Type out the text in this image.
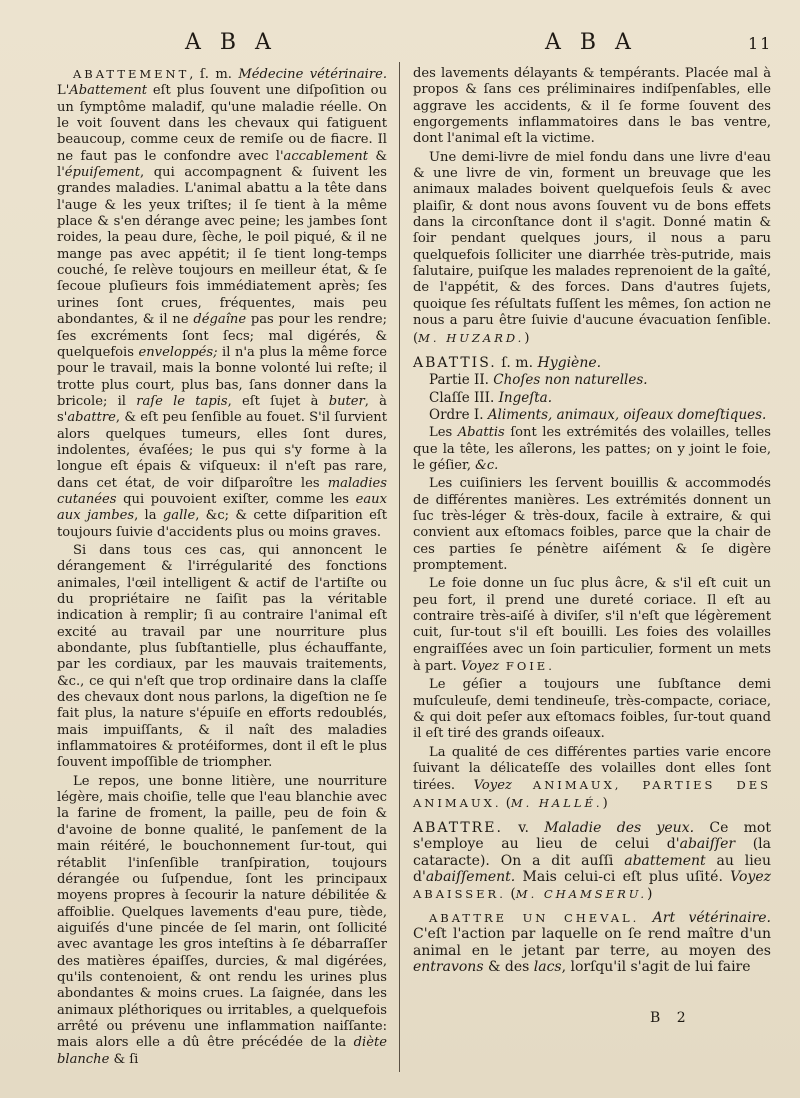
A B A	A B A	11

ABATTEMENT, ſ. m. Médecine vétérinaire. L'Abattement eſt plus ſouvent une diſpoſition ou un ſymptôme maladif, qu'une maladie réelle. On le voit ſouvent dans les chevaux qui fatiguent beaucoup, comme ceux de remiſe ou de fiacre. Il ne faut pas le confondre avec l'accablement & l'épuiſement, qui accompagnent & ſuivent les grandes maladies. L'animal abattu a la tête dans l'auge & les yeux triſtes; il ſe tient à la même place & s'en dérange avec peine; les jambes ſont roides, la peau dure, ſèche, le poil piqué, & il ne mange pas avec appétit; il ſe tient long-temps couché, ſe relève toujours en meilleur état, & ſe ſecoue pluſieurs fois immédiatement après; ſes urines ſont crues, fréquentes, mais peu abondantes, & il ne dégaîne pas pour les rendre; ſes excréments ſont ſecs; mal digérés, & quelquefois enveloppés; il n'a plus la même force pour le travail, mais la bonne volonté lui reſte; il trotte plus court, plus bas, ſans donner dans la bricole; il raſe le tapis, eſt ſujet à buter, à s'abattre, & eſt peu ſenſible au fouet. S'il ſurvient alors quelques tumeurs, elles ſont dures, indolentes, évaſées; le pus qui s'y forme à la longue eſt épais & viſqueux: il n'eſt pas rare, dans cet état, de voir diſparoître les maladies cutanées qui pouvoient exiſter, comme les eaux aux jambes, la galle, &c; & cette diſparition eſt toujours ſuivie d'accidents plus ou moins graves.

Si dans tous ces cas, qui annoncent le dérangement & l'irrégularité des fonctions animales, l'œil intelligent & actif de l'artiſte ou du propriétaire ne ſaiſit pas la véritable indication à remplir; ſi au contraire l'animal eſt excité au travail par une nourriture plus abondante, plus ſubſtantielle, plus échauffante, par les cordiaux, par les mauvais traitements, &c., ce qui n'eſt que trop ordinaire dans la claſſe des chevaux dont nous parlons, la digeſtion ne ſe fait plus, la nature s'épuiſe en efforts redoublés, mais impuiſſants, & il naît des maladies inflammatoires & protéiformes, dont il eſt le plus ſouvent impoſſible de triompher.

Le repos, une bonne litière, une nourriture légère, mais choiſie, telle que l'eau blanchie avec la farine de froment, la paille, peu de foin & d'avoine de bonne qualité, le panſement de la main réitéré, le bouchonnement ſur-tout, qui rétablit l'inſenſible tranſpiration, toujours dérangée ou ſuſpendue, ſont les principaux moyens propres à ſecourir la nature débilitée & affoiblie. Quelques lavements d'eau pure, tiède, aiguiſés d'une pincée de ſel marin, ont ſollicité avec avantage les gros inteſtins à ſe débarraſſer des matières épaiſſes, durcies, & mal digérées, qu'ils contenoient, & ont rendu les urines plus abondantes & moins crues. La ſaignée, dans les animaux pléthoriques ou irritables, a quelquefois arrêté ou prévenu une inflammation naiſſante: mais alors elle a dû être précédée de la diète blanche & ſi

des lavements délayants & tempérants. Placée mal à propos & ſans ces préliminaires indiſpenſables, elle aggrave les accidents, & il ſe forme ſouvent des engorgements inflammatoires dans le bas ventre, dont l'animal eſt la victime.

Une demi-livre de miel fondu dans une livre d'eau & une livre de vin, forment un breuvage que les animaux malades boivent quelquefois ſeuls & avec plaiſir, & dont nous avons ſouvent vu de bons effets dans la circonſtance dont il s'agit. Donné matin & ſoir pendant quelques jours, il nous a paru quelquefois ſolliciter une diarrhée très-putride, mais ſalutaire, puiſque les malades reprenoient de la gaîté, de l'appétit, & des forces. Dans d'autres ſujets, quoique ſes réſultats fuſſent les mêmes, ſon action ne nous a paru être ſuivie d'aucune évacuation ſenſible. (M. HUZARD.)

ABATTIS. ſ. m. Hygiène.

Partie II. Choſes non naturelles.

Claſſe III. Ingeſta.

Ordre I. Aliments, animaux, oiſeaux domeſtiques.

Les Abattis ſont les extrémités des volailles, telles que la tête, les aîlerons, les pattes; on y joint le foie, le géſier, &c.

Les cuiſiniers les ſervent bouillis & accommodés de différentes manières. Les extrémités donnent un ſuc très-léger & très-doux, facile à extraire, & qui convient aux eſtomacs foibles, parce que la chair de ces parties ſe pénètre aiſément & ſe digère promptement.

Le foie donne un ſuc plus âcre, & s'il eſt cuit un peu fort, il prend une dureté coriace. Il eſt au contraire très-aiſé à diviſer, s'il n'eſt que légèrement cuit, ſur-tout s'il eſt bouilli. Les foies des volailles engraiſſées avec un ſoin particulier, forment un mets à part. Voyez FOIE.

Le géſier a toujours une ſubſtance demi muſculeuſe, demi tendineuſe, très-compacte, coriace, & qui doit peſer aux eſtomacs foibles, ſur-tout quand il eſt tiré des grands oiſeaux.

La qualité de ces différentes parties varie encore ſuivant la délicateſſe des volailles dont elles ſont tirées. Voyez ANIMAUX, PARTIES DES ANIMAUX. (M. HALLÉ.)

ABATTRE. v. Maladie des yeux. Ce mot s'employe au lieu de celui d'abaiſſer (la cataracte). On a dit auſſi abattement au lieu d'abaiſſement. Mais celui-ci eſt plus uſité. Voyez ABAISSER. (M. CHAMSERU.)

ABATTRE UN CHEVAL. Art vétérinaire. C'eſt l'action par laquelle on ſe rend maître d'un animal en le jetant par terre, au moyen des entravons & des lacs, lorſqu'il s'agit de lui faire

B 2
